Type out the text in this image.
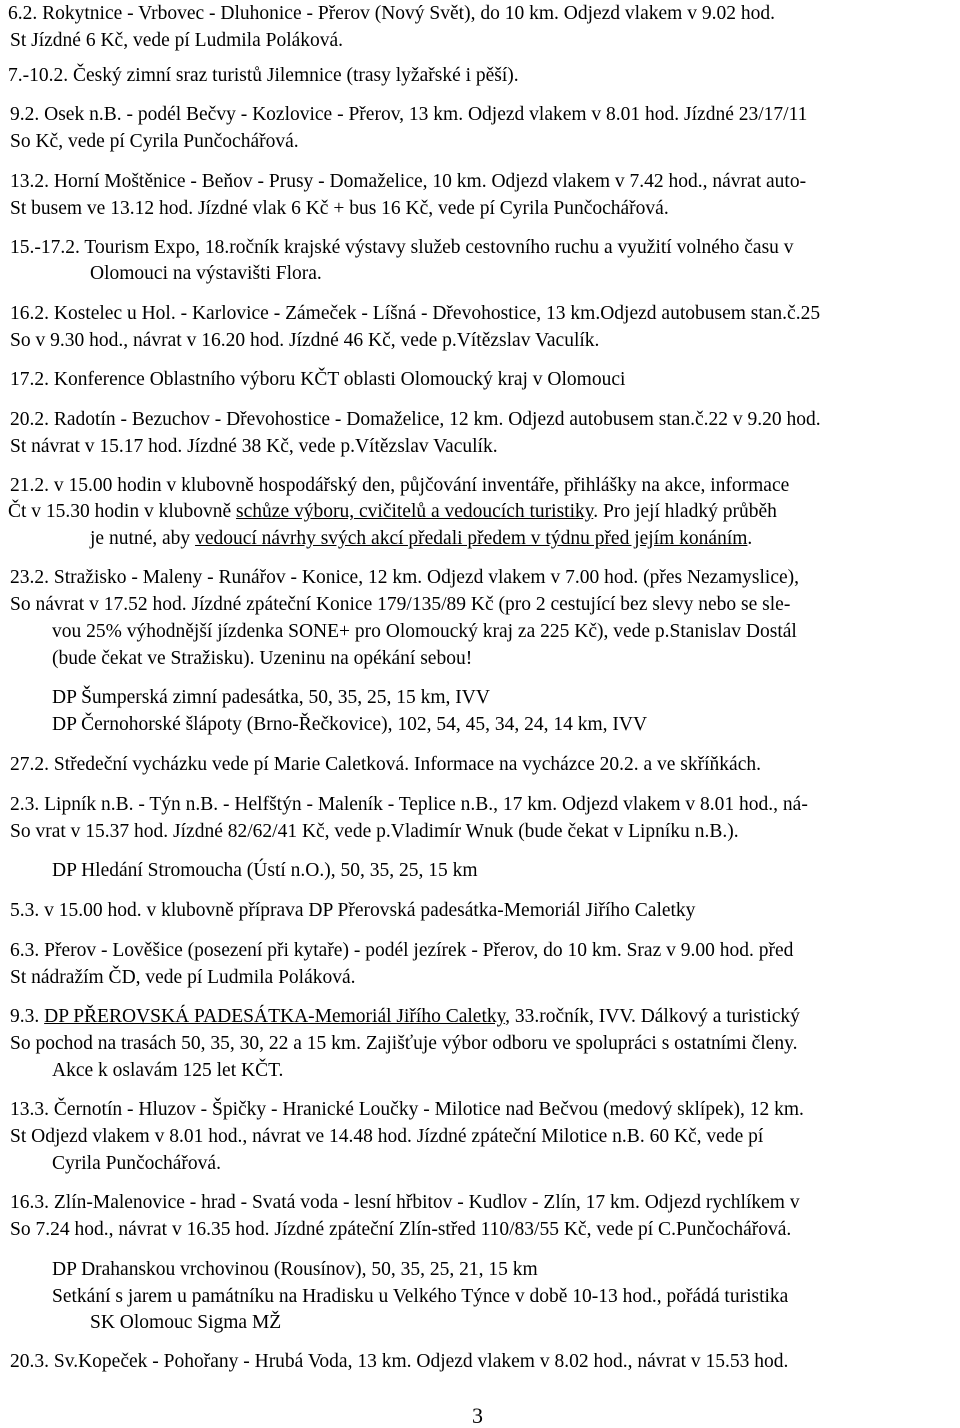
6.2. Rokytnice - Vrbovec - Dluhonice - Přerov (Nový Svět), do 10 km. Odjezd vlakem v 9.02 hod.
St Jízdné 6 Kč, vede pí Ludmila Poláková.
7.-10.2. Český zimní sraz turistů Jilemnice (trasy lyžařské i pěší).
9.2. Osek n.B. - podél Bečvy - Kozlovice - Přerov, 13 km. Odjezd vlakem v 8.01 hod. Jízdné 23/17/11
So Kč, vede pí Cyrila Punčochářová.
13.2. Horní Moštěnice - Beňov - Prusy - Domaželice, 10 km. Odjezd vlakem v 7.42 hod., návrat auto-
St busem ve 13.12 hod. Jízdné vlak 6 Kč + bus 16 Kč, vede pí Cyrila Punčochářová.
15.-17.2. Tourism Expo, 18.ročník krajské výstavy služeb cestovního ruchu a využití volného času v
Olomouci na výstavišti Flora.
16.2. Kostelec u Hol. - Karlovice - Zámeček - Líšná - Dřevohostice, 13 km.Odjezd autobusem stan.č.25
So v 9.30 hod., návrat v 16.20 hod. Jízdné 46 Kč, vede p.Vítězslav Vaculík.
17.2. Konference Oblastního výboru KČT oblasti Olomoucký kraj v Olomouci
20.2. Radotín - Bezuchov - Dřevohostice - Domaželice, 12 km. Odjezd autobusem stan.č.22 v 9.20 hod.
St návrat v 15.17 hod. Jízdné 38 Kč, vede p.Vítězslav Vaculík.
21.2. v 15.00 hodin v klubovně hospodářský den, půjčování inventáře, přihlášky na akce, informace
Čt v 15.30 hodin v klubovně schůze výboru, cvičitelů a vedoucích turistiky. Pro její hladký průběh
je nutné, aby vedoucí návrhy svých akcí předali předem v týdnu před jejím konáním.
23.2. Stražisko - Maleny - Runářov - Konice, 12 km. Odjezd vlakem v 7.00 hod. (přes Nezamyslice),
So návrat v 17.52 hod. Jízdné zpáteční Konice 179/135/89 Kč (pro 2 cestující bez slevy nebo se sle-
vou 25% výhodnější jízdenka SONE+ pro Olomoucký kraj za 225 Kč), vede p.Stanislav Dostál
(bude čekat ve Stražisku). Uzeninu na opékání sebou!
DP Šumperská zimní padesátka, 50, 35, 25, 15 km, IVV
DP Černohorské šlápoty (Brno-Řečkovice), 102, 54, 45, 34, 24, 14 km, IVV
27.2. Středeční vycházku vede pí Marie Caletková. Informace na vycházce 20.2. a ve skříňkách.
2.3. Lipník n.B. - Týn n.B. - Helfštýn - Maleník - Teplice n.B., 17 km. Odjezd vlakem v 8.01 hod., ná-
So vrat v 15.37 hod. Jízdné 82/62/41 Kč, vede p.Vladimír Wnuk (bude čekat v Lipníku n.B.).
DP Hledání Stromoucha (Ústí n.O.), 50, 35, 25, 15 km
5.3. v 15.00 hod. v klubovně příprava DP Přerovská padesátka-Memoriál Jiřího Caletky
6.3. Přerov - Lověšice (posezení při kytaře) - podél jezírek - Přerov, do 10 km. Sraz v 9.00 hod. před
St nádražím ČD, vede pí Ludmila Poláková.
9.3. DP PŘEROVSKÁ PADESÁTKA-Memoriál Jiřího Caletky, 33.ročník, IVV. Dálkový a turistický
So pochod na trasách 50, 35, 30, 22 a 15 km. Zajišťuje výbor odboru ve spolupráci s ostatními členy.
Akce k oslavám 125 let KČT.
13.3. Černotín - Hluzov - Špičky - Hranické Loučky - Milotice nad Bečvou (medový sklípek), 12 km.
St Odjezd vlakem v 8.01 hod., návrat ve 14.48 hod. Jízdné zpáteční Milotice n.B. 60 Kč, vede pí
Cyrila Punčochářová.
16.3. Zlín-Malenovice - hrad - Svatá voda - lesní hřbitov - Kudlov - Zlín, 17 km. Odjezd rychlíkem v
So 7.24 hod., návrat v 16.35 hod. Jízdné zpáteční Zlín-střed 110/83/55 Kč, vede pí C.Punčochářová.
DP Drahanskou vrchovinou (Rousínov), 50, 35, 25, 21, 15 km
Setkání s jarem u památníku na Hradisku u Velkého Týnce v době 10-13 hod., pořádá turistika
SK Olomouc Sigma MŽ
20.3. Sv.Kopeček - Pohořany - Hrubá Voda, 13 km. Odjezd vlakem v 8.02 hod., návrat v 15.53 hod.
3
